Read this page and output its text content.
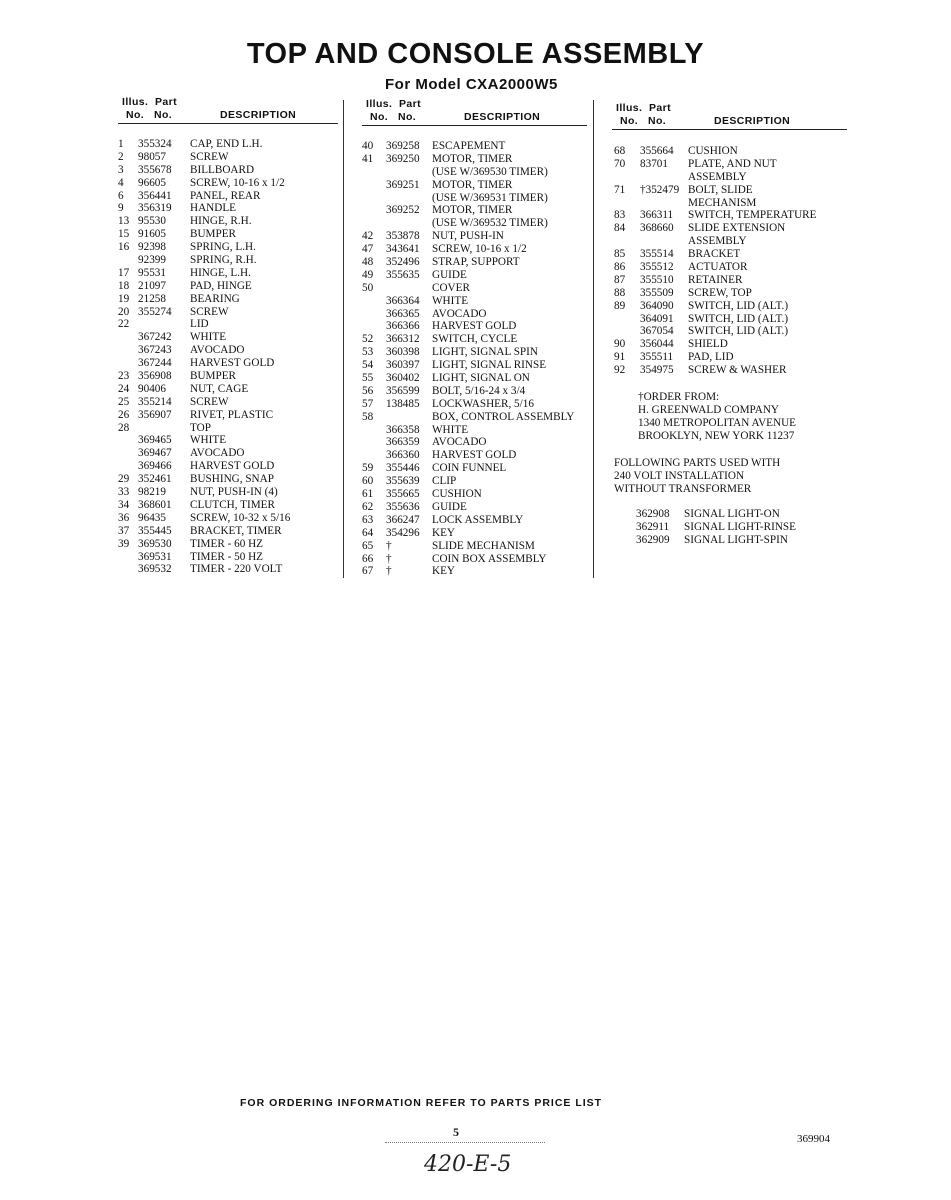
TOP AND CONSOLE ASSEMBLY
For Model CXA2000W5
Illus. Part
No. No.	DESCRIPTION
1 355324 CAP, END L.H.
2 98057 SCREW
3 355678 BILLBOARD
4 96605 SCREW, 10-16 x 1/2
6 356441 PANEL, REAR
9 356319 HANDLE
13 95530 HINGE, R.H.
15 91605 BUMPER
16 92398 SPRING, L.H.
92399 SPRING, R.H.
17 95531 HINGE, L.H.
18 21097 PAD, HINGE
19 21258 BEARING
20 355274 SCREW
22	LID
367242 WHITE
367243 AVOCADO
367244 HARVEST GOLD
23 356908 BUMPER
24 90406 NUT, CAGE
25 355214 SCREW
26 356907 RIVET, PLASTIC
28	TOP
369465 WHITE
369467 AVOCADO
369466 HARVEST GOLD
29 352461 BUSHING, SNAP
33 98219 NUT, PUSH-IN (4)
34 368601 CLUTCH, TIMER
36 96435 SCREW, 10-32 x 5/16
37 355445 BRACKET, TIMER
39 369530 TIMER - 60 HZ
369531 TIMER - 50 HZ
369532 TIMER - 220 VOLT
Illus. Part
No. No.	DESCRIPTION
40 369258 ESCAPEMENT
41 369250 MOTOR, TIMER
(USE W/369530 TIMER)
369251 MOTOR, TIMER
(USE W/369531 TIMER)
369252 MOTOR, TIMER
(USE W/369532 TIMER)
42 353878 NUT, PUSH-IN
47 343641 SCREW, 10-16 x 1/2
48 352496 STRAP, SUPPORT
49 355635 GUIDE
50	COVER
366364 WHITE
366365 AVOCADO
366366 HARVEST GOLD
52 366312 SWITCH, CYCLE
53 360398 LIGHT, SIGNAL SPIN
54 360397 LIGHT, SIGNAL RINSE
55 360402 LIGHT, SIGNAL ON
56 356599 BOLT, 5/16-24 x 3/4
57 138485 LOCKWASHER, 5/16
58	BOX, CONTROL ASSEMBLY
366358 WHITE
366359 AVOCADO
366360 HARVEST GOLD
59 355446 COIN FUNNEL
60 355639 CLIP
61 355665 CUSHION
62 355636 GUIDE
63 366247 LOCK ASSEMBLY
64 354296 KEY
65 †	SLIDE MECHANISM
66 †	COIN BOX ASSEMBLY
67 †	KEY
Illus. Part
No. No.	DESCRIPTION
68 355664 CUSHION
70 83701 PLATE, AND NUT
ASSEMBLY
71 †352479 BOLT, SLIDE
MECHANISM
83 366311 SWITCH, TEMPERATURE
84 368660 SLIDE EXTENSION
ASSEMBLY
85 355514 BRACKET
86 355512 ACTUATOR
87 355510 RETAINER
88 355509 SCREW, TOP
89 364090 SWITCH, LID (ALT.)
364091 SWITCH, LID (ALT.)
367054 SWITCH, LID (ALT.)
90 356044 SHIELD
91 355511 PAD, LID
92 354975 SCREW & WASHER
†ORDER FROM:
H. GREENWALD COMPANY
1340 METROPOLITAN AVENUE
BROOKLYN, NEW YORK 11237
FOLLOWING PARTS USED WITH
240 VOLT INSTALLATION
WITHOUT TRANSFORMER
362908 SIGNAL LIGHT-ON
362911 SIGNAL LIGHT-RINSE
362909 SIGNAL LIGHT-SPIN
FOR ORDERING INFORMATION REFER TO PARTS PRICE LIST
5	369904
420-E-5
